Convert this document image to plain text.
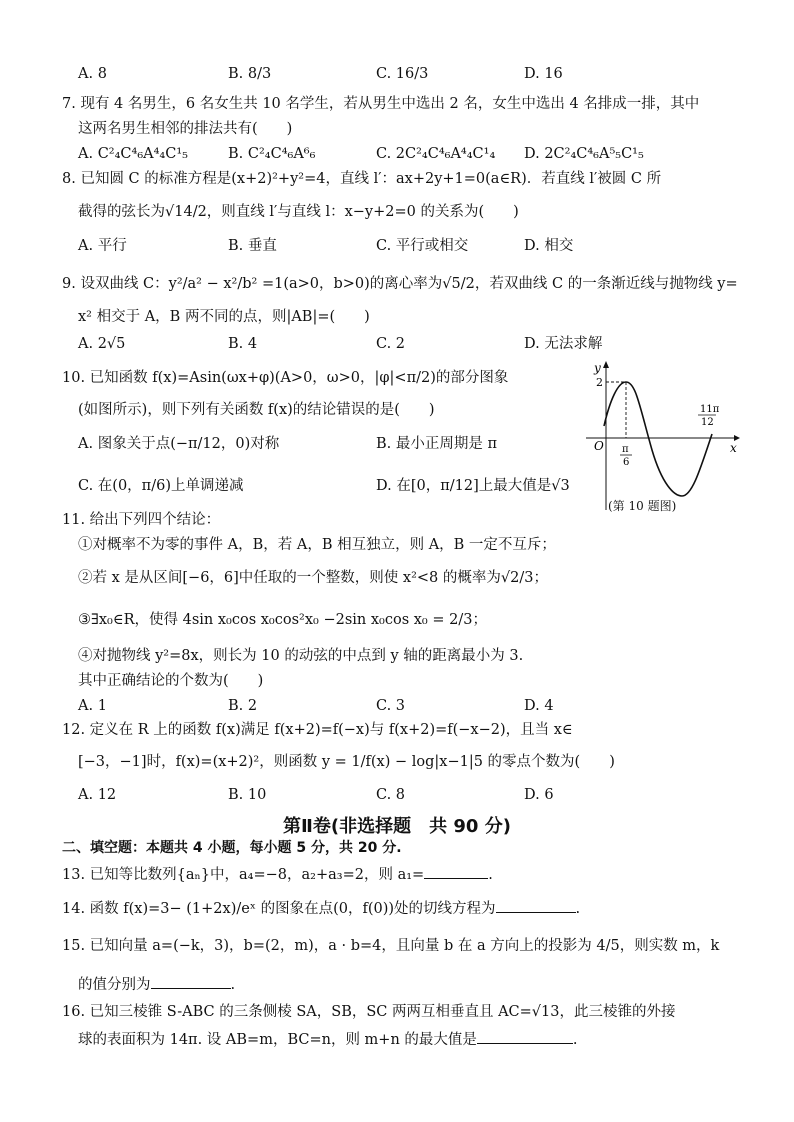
A. 8	B. 8/3	C. 16/3	D. 16
7. 现有 4 名男生，6 名女生共 10 名学生，若从男生中选出 2 名，女生中选出 4 名排成一排，其中
这两名男生相邻的排法共有(　　)
A. C²₄C⁴₆A⁴₄C¹₅	B. C²₄C⁴₆A⁶₆	C. 2C²₄C⁴₆A⁴₄C¹₄ D. 2C²₄C⁴₆A⁵₅C¹₅
8. 已知圆 C 的标准方程是(x+2)²+y²=4，直线 l′：ax+2y+1=0(a∈R)．若直线 l′被圆 C 所
截得的弦长为√14/2，则直线 l′与直线 l：x−y+2=0 的关系为(　　)
A. 平行	B. 垂直	C. 平行或相交	D. 相交
9. 设双曲线 C：y²/a² − x²/b² =1(a>0，b>0)的离心率为√5/2，若双曲线 C 的一条渐近线与抛物线 y=
x² 相交于 A，B 两不同的点，则|AB|=(　　)
A. 2√5	B. 4	C. 2	D. 无法求解
10. 已知函数 f(x)=Asin(ωx+φ)(A>0，ω>0，|φ|<π/2)的部分图象
(如图所示)，则下列有关函数 f(x)的结论错误的是(　　)
A. 图象关于点(−π/12，0)对称	B. 最小正周期是 π
C. 在(0，π/6)上单调递减	D. 在[0，π/12]上最大值是√3
y
x
O
2
π
6
11π
12
(第 10 题图)
11. 给出下列四个结论：
①对概率不为零的事件 A，B，若 A，B 相互独立，则 A，B 一定不互斥；
②若 x 是从区间[−6，6]中任取的一个整数，则使 x²<8 的概率为√2/3；
③∃x₀∈R，使得 4sin x₀cos x₀cos²x₀ −2sin x₀cos x₀ = 2/3；
④对抛物线 y²=8x，则长为 10 的动弦的中点到 y 轴的距离最小为 3.
其中正确结论的个数为(　　)
A. 1	B. 2	C. 3	D. 4
12. 定义在 R 上的函数 f(x)满足 f(x+2)=f(−x)与 f(x+2)=f(−x−2)，且当 x∈
[−3，−1]时，f(x)=(x+2)²，则函数 y = 1/f(x) − log|x−1|5 的零点个数为(　　)
A. 12	B. 10	C. 8	D. 6
第Ⅱ卷(非选择题　共 90 分)
二、填空题：本题共 4 小题，每小题 5 分，共 20 分.
13. 已知等比数列{aₙ}中，a₄=−8，a₂+a₃=2，则 a₁=	.
14. 函数 f(x)=3− (1+2x)/eˣ 的图象在点(0，f(0))处的切线方程为	.
15. 已知向量 a=(−k，3)，b=(2，m)，a · b=4，且向量 b 在 a 方向上的投影为 4/5，则实数 m，k
的值分别为	.
16. 已知三棱锥 S-ABC 的三条侧棱 SA，SB，SC 两两互相垂直且 AC=√13，此三棱锥的外接
球的表面积为 14π. 设 AB=m，BC=n，则 m+n 的最大值是	.
